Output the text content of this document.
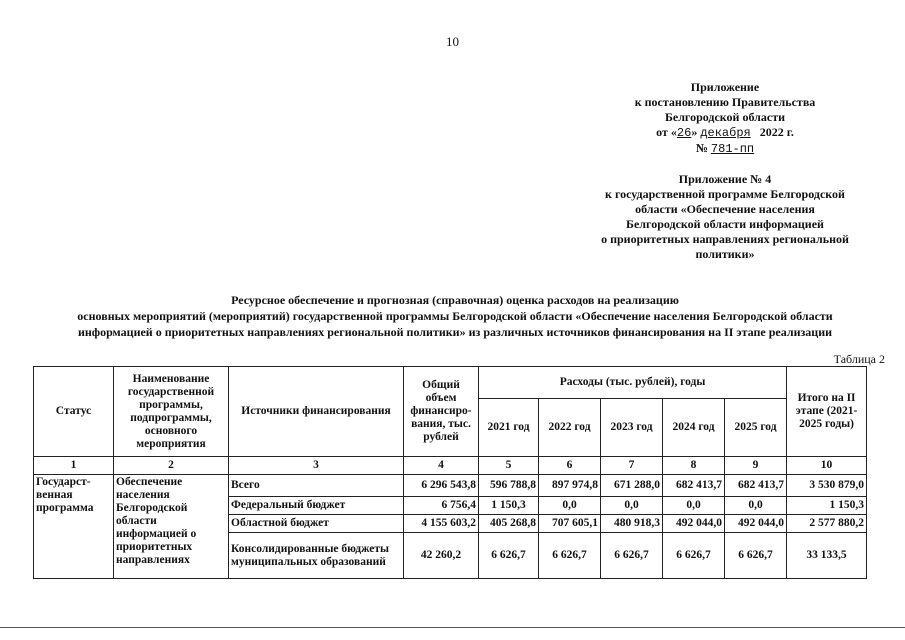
10
Приложение
к постановлению Правительства
Белгородской области
от «26» декабря 2022 г.
№ 781-пп
Приложение № 4
к государственной программе Белгородской
области «Обеспечение населения
Белгородской области информацией
о приоритетных направлениях региональной
политики»
Ресурсное обеспечение и прогнозная (справочная) оценка расходов на реализацию
основных мероприятий (мероприятий) государственной программы Белгородской области «Обеспечение населения Белгородской области
информацией о приоритетных направлениях региональной политики» из различных источников финансирования на II этапе реализации
Таблица 2
Статус	Наименование государственной программы, подпрограммы, основного мероприятия	Источники финансирования	Общий объем финансиро-вания, тыс. рублей	Расходы (тыс. рублей), годы					Итого на II этапе (2021-2025 годы)
				2021 год	2022 год	2023 год	2024 год	2025 год	
1	2	3	4	5	6	7	8	9	10
Государст-венная программа	Обеспечение населения Белгородской области информацией о приоритетных направлениях	Всего	6 296 543,8	596 788,8	897 974,8	671 288,0	682 413,7	682 413,7	3 530 879,0
		Федеральный бюджет	6 756,4	1 150,3	0,0	0,0	0,0	0,0	1 150,3
		Областной бюджет	4 155 603,2	405 268,8	707 605,1	480 918,3	492 044,0	492 044,0	2 577 880,2
		Консолидированные бюджеты муниципальных образований	42 260,2	6 626,7	6 626,7	6 626,7	6 626,7	6 626,7	33 133,5
